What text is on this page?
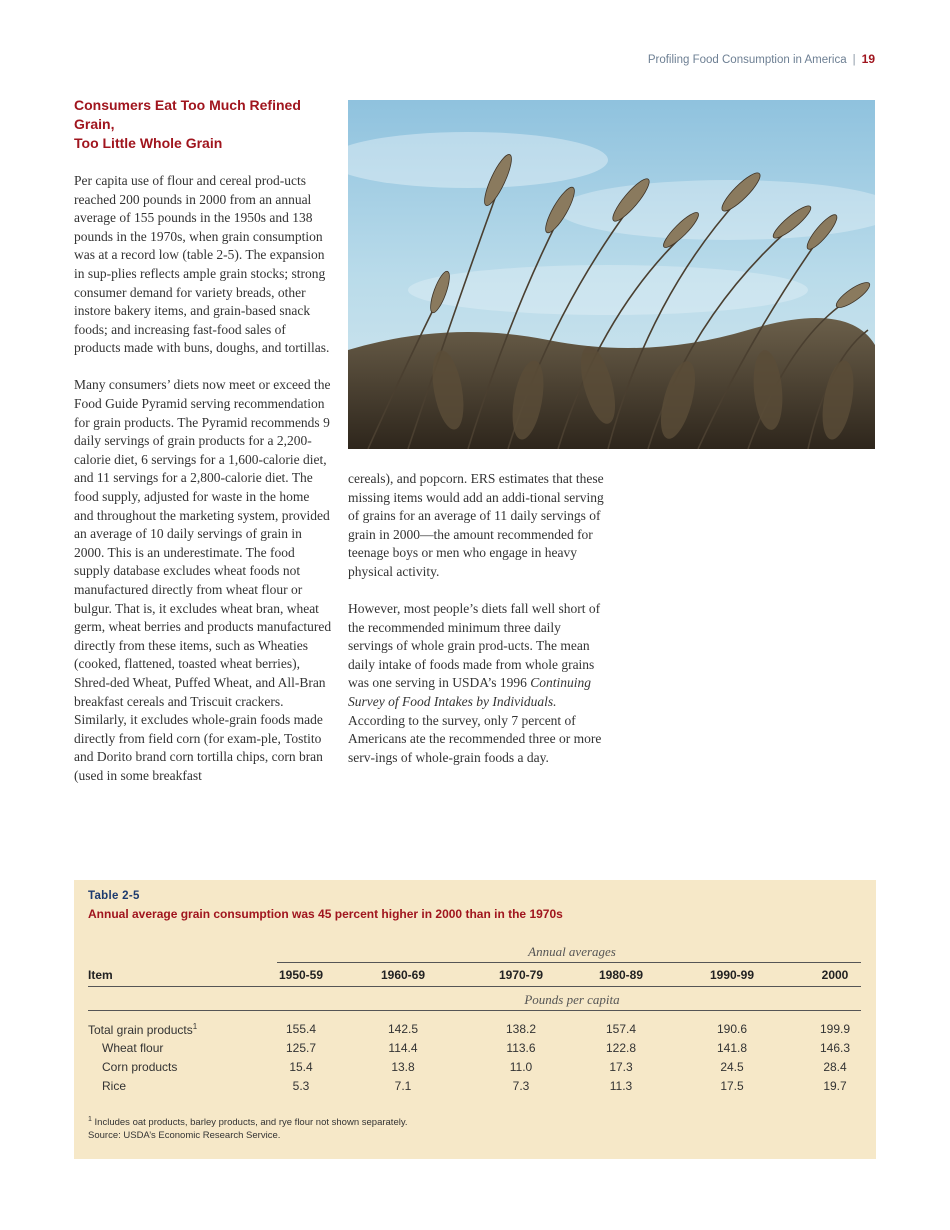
Profiling Food Consumption in America | 19
Consumers Eat Too Much Refined Grain,
Too Little Whole Grain

Per capita use of flour and cereal prod-ucts reached 200 pounds in 2000 from an annual average of 155 pounds in the 1950s and 138 pounds in the 1970s, when grain consumption was at a record low (table 2-5). The expansion in sup-plies reflects ample grain stocks; strong consumer demand for variety breads, other instore bakery items, and grain-based snack foods; and increasing fast-food sales of products made with buns, doughs, and tortillas.

Many consumers’ diets now meet or exceed the Food Guide Pyramid serving recommendation for grain products. The Pyramid recommends 9 daily servings of grain products for a 2,200-calorie diet, 6 servings for a 1,600-calorie diet, and 11 servings for a 2,800-calorie diet. The food supply, adjusted for waste in the home and throughout the marketing system, provided an average of 10 daily servings of grain in 2000. This is an underestimate. The food supply database excludes wheat foods not manufactured directly from wheat flour or bulgur. That is, it excludes wheat bran, wheat germ, wheat berries and products manufactured directly from these items, such as Wheaties (cooked, flattened, toasted wheat berries), Shred-ded Wheat, Puffed Wheat, and All-Bran breakfast cereals and Triscuit crackers. Similarly, it excludes whole-grain foods made directly from field corn (for exam-ple, Tostito and Dorito brand corn tortilla chips, corn bran (used in some breakfast

cereals), and popcorn. ERS estimates that these missing items would add an addi-tional serving of grains for an average of 11 daily servings of grain in 2000—the amount recommended for teenage boys or men who engage in heavy physical activity.

However, most people’s diets fall well short of the recommended minimum three daily servings of whole grain prod-ucts. The mean daily intake of foods made from whole grains was one serving in USDA’s 1996 Continuing Survey of Food Intakes by Individuals. According to the survey, only 7 percent of Americans ate the recommended three or more serv-ings of whole-grain foods a day.

Table 2-5
Annual average grain consumption was 45 percent higher in 2000 than in the 1970s
Annual averages
Item	1950-59	1960-69	1970-79	1980-89	1990-99	2000
Pounds per capita
Total grain products$^1$	155.4	142.5	138.2	157.4	190.6	199.9
Wheat flour	125.7	114.4	113.6	122.8	141.8	146.3
Corn products	15.4	13.8	11.0	17.3	24.5	28.4
Rice	5.3	7.1	7.3	11.3	17.5	19.7
$^1$ Includes oat products, barley products, and rye flour not shown separately.
Source: USDA’s Economic Research Service.
